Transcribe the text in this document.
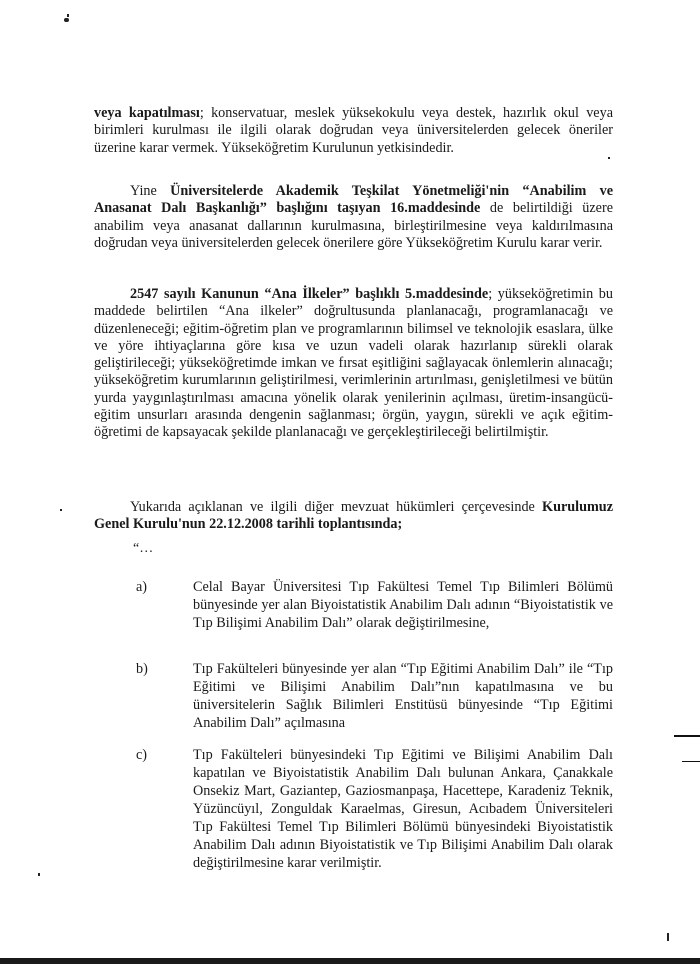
veya kapatılması; konservatuar, meslek yüksekokulu veya destek, hazırlık okul veya birimleri kurulması ile ilgili olarak doğrudan veya üniversitelerden gelecek öneriler üzerine karar vermek. Yükseköğretim Kurulunun yetkisindedir.

Yine Üniversitelerde Akademik Teşkilat Yönetmeliği'nin “Anabilim ve Anasanat Dalı Başkanlığı” başlığını taşıyan 16.maddesinde de belirtildiği üzere anabilim veya anasanat dallarının kurulmasına, birleştirilmesine veya kaldırılmasına doğrudan veya üniversitelerden gelecek önerilere göre Yükseköğretim Kurulu karar verir.

2547 sayılı Kanunun “Ana İlkeler” başlıklı 5.maddesinde; yükseköğretimin bu maddede belirtilen “Ana ilkeler” doğrultusunda planlanacağı, programlanacağı ve düzenleneceği; eğitim-öğretim plan ve programlarının bilimsel ve teknolojik esaslara, ülke ve yöre ihtiyaçlarına göre kısa ve uzun vadeli olarak hazırlanıp sürekli olarak geliştirileceği; yükseköğretimde imkan ve fırsat eşitliğini sağlayacak önlemlerin alınacağı; yükseköğretim kurumlarının geliştirilmesi, verimlerinin artırılması, genişletilmesi ve bütün yurda yaygınlaştırılması amacına yönelik olarak yenilerinin açılması, üretim-insangücü-eğitim unsurları arasında dengenin sağlanması; örgün, yaygın, sürekli ve açık eğitim-öğretimi de kapsayacak şekilde planlanacağı ve gerçekleştirileceği belirtilmiştir.

Yukarıda açıklanan ve ilgili diğer mevzuat hükümleri çerçevesinde Kurulumuz Genel Kurulu'nun 22.12.2008 tarihli toplantısında;

“…
a)	Celal Bayar Üniversitesi Tıp Fakültesi Temel Tıp Bilimleri Bölümü bünyesinde yer alan Biyoistatistik Anabilim Dalı adının “Biyoistatistik ve Tıp Bilişimi Anabilim Dalı” olarak değiştirilmesine,

b)	Tıp Fakülteleri bünyesinde yer alan “Tıp Eğitimi Anabilim Dalı” ile “Tıp Eğitimi ve Bilişimi Anabilim Dalı”nın kapatılmasına ve bu üniversitelerin Sağlık Bilimleri Enstitüsü bünyesinde “Tıp Eğitimi Anabilim Dalı” açılmasına

c)	Tıp Fakülteleri bünyesindeki Tıp Eğitimi ve Bilişimi Anabilim Dalı kapatılan ve Biyoistatistik Anabilim Dalı bulunan Ankara, Çanakkale Onsekiz Mart, Gaziantep, Gaziosmanpaşa, Hacettepe, Karadeniz Teknik, Yüzüncüyıl, Zonguldak Karaelmas, Giresun, Acıbadem Üniversiteleri Tıp Fakültesi Temel Tıp Bilimleri Bölümü bünyesindeki Biyoistatistik Anabilim Dalı adının Biyoistatistik ve Tıp Bilişimi Anabilim Dalı olarak değiştirilmesine karar verilmiştir.
